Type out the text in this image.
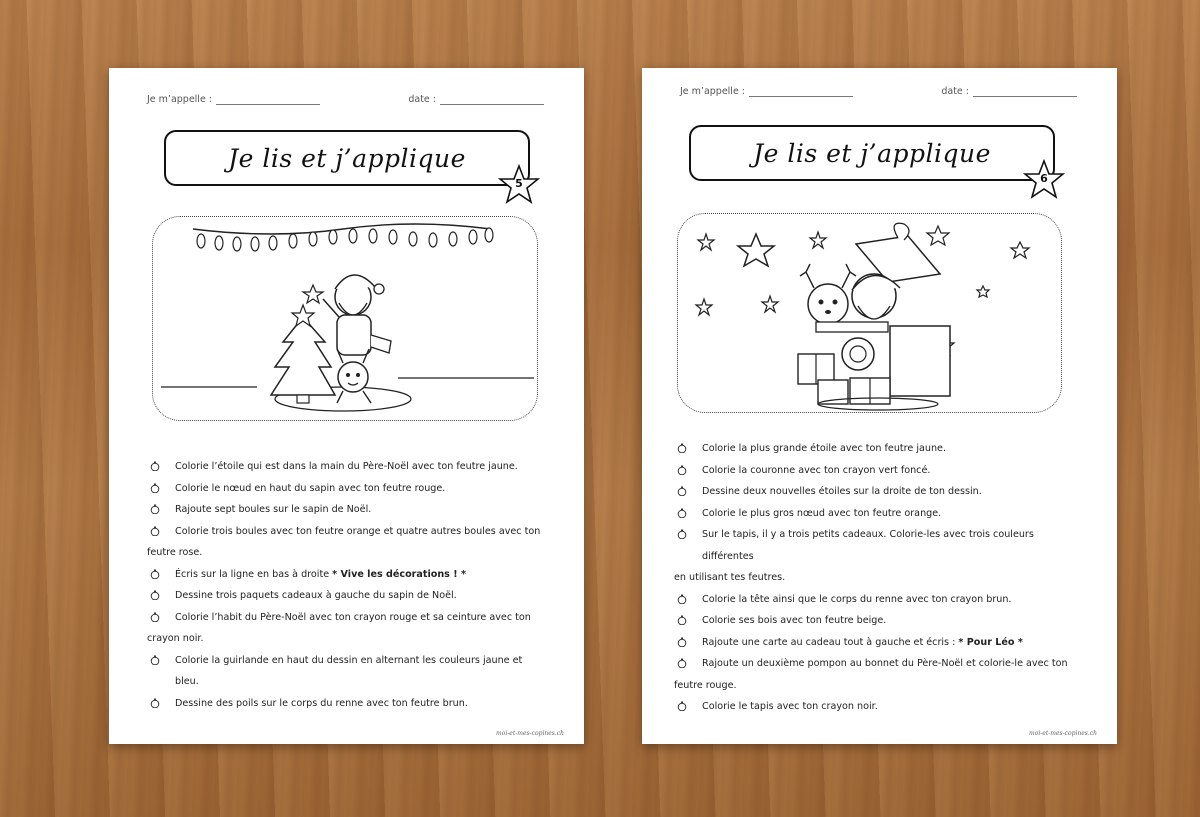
Je m’appelle :	date :
Je lis et j’applique
5
Colorie l’étoile qui est dans la main du Père-Noël avec ton feutre jaune.
Colorie le nœud en haut du sapin avec ton feutre rouge.
Rajoute sept boules sur le sapin de Noël.
Colorie trois boules avec ton feutre orange et quatre autres boules avec ton
feutre rose.
Écris sur la ligne en bas à droite * Vive les décorations ! *
Dessine trois paquets cadeaux à gauche du sapin de Noël.
Colorie l’habit du Père-Noël avec ton crayon rouge et sa ceinture avec ton
crayon noir.
Colorie la guirlande en haut du dessin en alternant les couleurs jaune et bleu.
Dessine des poils sur le corps du renne avec ton feutre brun.
moi-et-mes-copines.ch
Je m’appelle :	date :
Je lis et j’applique
6
Colorie la plus grande étoile avec ton feutre jaune.
Colorie la couronne avec ton crayon vert foncé.
Dessine deux nouvelles étoiles sur la droite de ton dessin.
Colorie le plus gros nœud avec ton feutre orange.
Sur le tapis, il y a trois petits cadeaux. Colorie-les avec trois couleurs différentes
en utilisant tes feutres.
Colorie la tête ainsi que le corps du renne avec ton crayon brun.
Colorie ses bois avec ton feutre beige.
Rajoute une carte au cadeau tout à gauche et écris : * Pour Léo *
Rajoute un deuxième pompon au bonnet du Père-Noël et colorie-le avec ton
feutre rouge.
Colorie le tapis avec ton crayon noir.
moi-et-mes-copines.ch
